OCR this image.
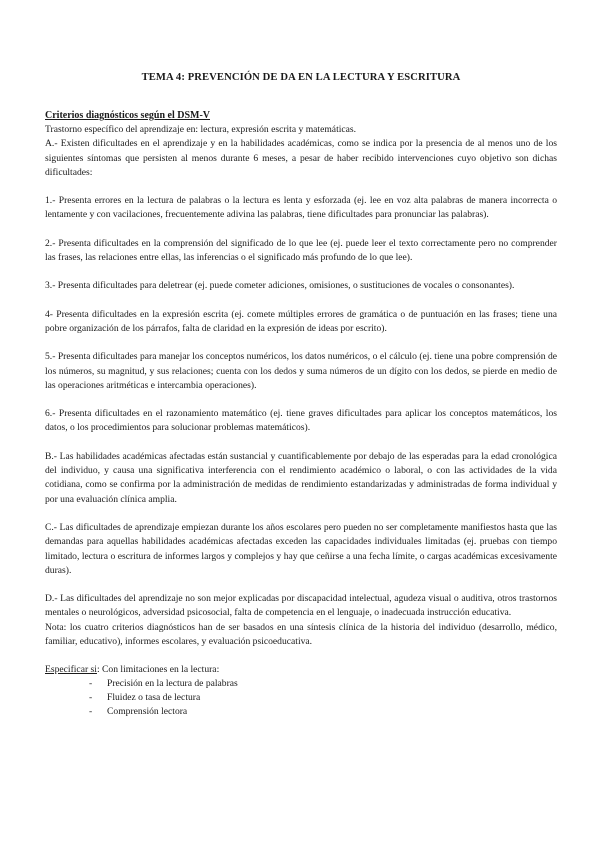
TEMA 4: PREVENCIÓN DE DA EN LA LECTURA Y ESCRITURA
Criterios diagnósticos según el DSM-V

Trastorno específico del aprendizaje en: lectura, expresión escrita y matemáticas.

A.- Existen dificultades en el aprendizaje y en la habilidades académicas, como se indica por la presencia de al menos uno de los siguientes síntomas que persisten al menos durante 6 meses, a pesar de haber recibido intervenciones cuyo objetivo son dichas dificultades:

1.- Presenta errores en la lectura de palabras o la lectura es lenta y esforzada (ej. lee en voz alta palabras de manera incorrecta o lentamente y con vacilaciones, frecuentemente adivina las palabras, tiene dificultades para pronunciar las palabras).

2.- Presenta dificultades en la comprensión del significado de lo que lee (ej. puede leer el texto correctamente pero no comprender las frases, las relaciones entre ellas, las inferencias o el significado más profundo de lo que lee).

3.- Presenta dificultades para deletrear (ej. puede cometer adiciones, omisiones, o sustituciones de vocales o consonantes).

4- Presenta dificultades en la expresión escrita (ej. comete múltiples errores de gramática o de puntuación en las frases; tiene una pobre organización de los párrafos, falta de claridad en la expresión de ideas por escrito).

5.- Presenta dificultades para manejar los conceptos numéricos, los datos numéricos, o el cálculo (ej. tiene una pobre comprensión de los números, su magnitud, y sus relaciones; cuenta con los dedos y suma números de un dígito con los dedos, se pierde en medio de las operaciones aritméticas e intercambia operaciones).

6.- Presenta dificultades en el razonamiento matemático (ej. tiene graves dificultades para aplicar los conceptos matemáticos, los datos, o los procedimientos para solucionar problemas matemáticos).

B.- Las habilidades académicas afectadas están sustancial y cuantificablemente por debajo de las esperadas para la edad cronológica del individuo, y causa una significativa interferencia con el rendimiento académico o laboral, o con las actividades de la vida cotidiana, como se confirma por la administración de medidas de rendimiento estandarizadas y administradas de forma individual y por una evaluación clínica amplia.

C.- Las dificultades de aprendizaje empiezan durante los años escolares pero pueden no ser completamente manifiestos hasta que las demandas para aquellas habilidades académicas afectadas exceden las capacidades individuales limitadas (ej. pruebas con tiempo limitado, lectura o escritura de informes largos y complejos y hay que ceñirse a una fecha límite, o cargas académicas excesivamente duras).

D.- Las dificultades del aprendizaje no son mejor explicadas por discapacidad intelectual, agudeza visual o auditiva, otros trastornos mentales o neurológicos, adversidad psicosocial, falta de competencia en el lenguaje, o inadecuada instrucción educativa.

Nota: los cuatro criterios diagnósticos han de ser basados en una síntesis clínica de la historia del individuo (desarrollo, médico, familiar, educativo), informes escolares, y evaluación psicoeducativa.

Especificar si: Con limitaciones en la lectura:
-	Precisión en la lectura de palabras
-	Fluidez o tasa de lectura
-	Comprensión lectora
